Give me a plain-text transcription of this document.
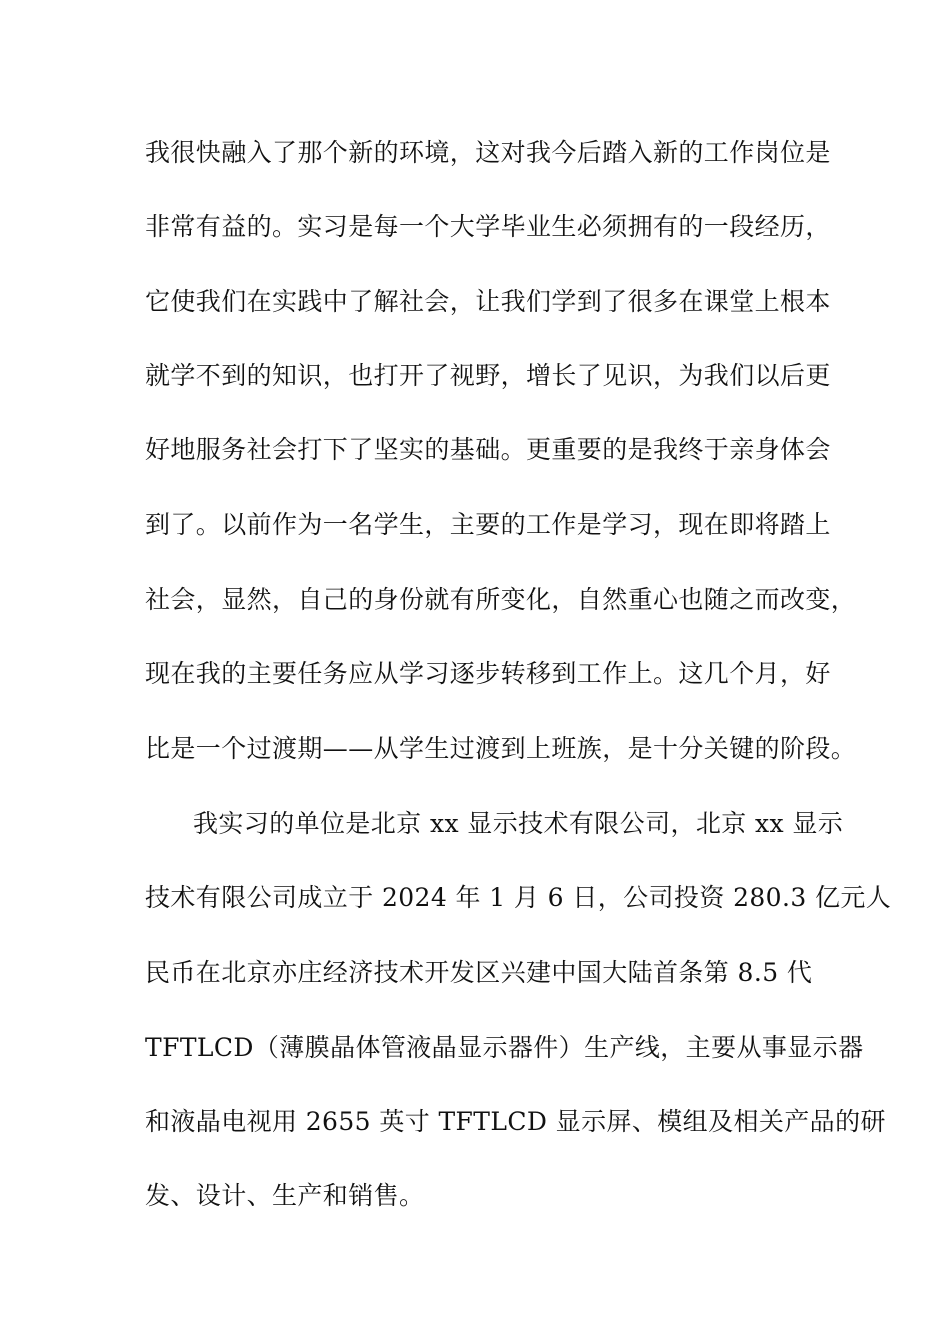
我很快融入了那个新的环境，这对我今后踏入新的工作岗位是
非常有益的。实习是每一个大学毕业生必须拥有的一段经历，
它使我们在实践中了解社会，让我们学到了很多在课堂上根本
就学不到的知识，也打开了视野，增长了见识，为我们以后更
好地服务社会打下了坚实的基础。更重要的是我终于亲身体会
到了。以前作为一名学生，主要的工作是学习，现在即将踏上
社会，显然，自己的身份就有所变化，自然重心也随之而改变，
现在我的主要任务应从学习逐步转移到工作上。这几个月，好
比是一个过渡期——从学生过渡到上班族，是十分关键的阶段。
我实习的单位是北京 xx 显示技术有限公司，北京 xx 显示
技术有限公司成立于 2024 年 1 月 6 日，公司投资 280.3 亿元人
民币在北京亦庄经济技术开发区兴建中国大陆首条第 8.5 代
TFTLCD（薄膜晶体管液晶显示器件）生产线，主要从事显示器
和液晶电视用 2655 英寸 TFTLCD 显示屏、模组及相关产品的研
发、设计、生产和销售。
